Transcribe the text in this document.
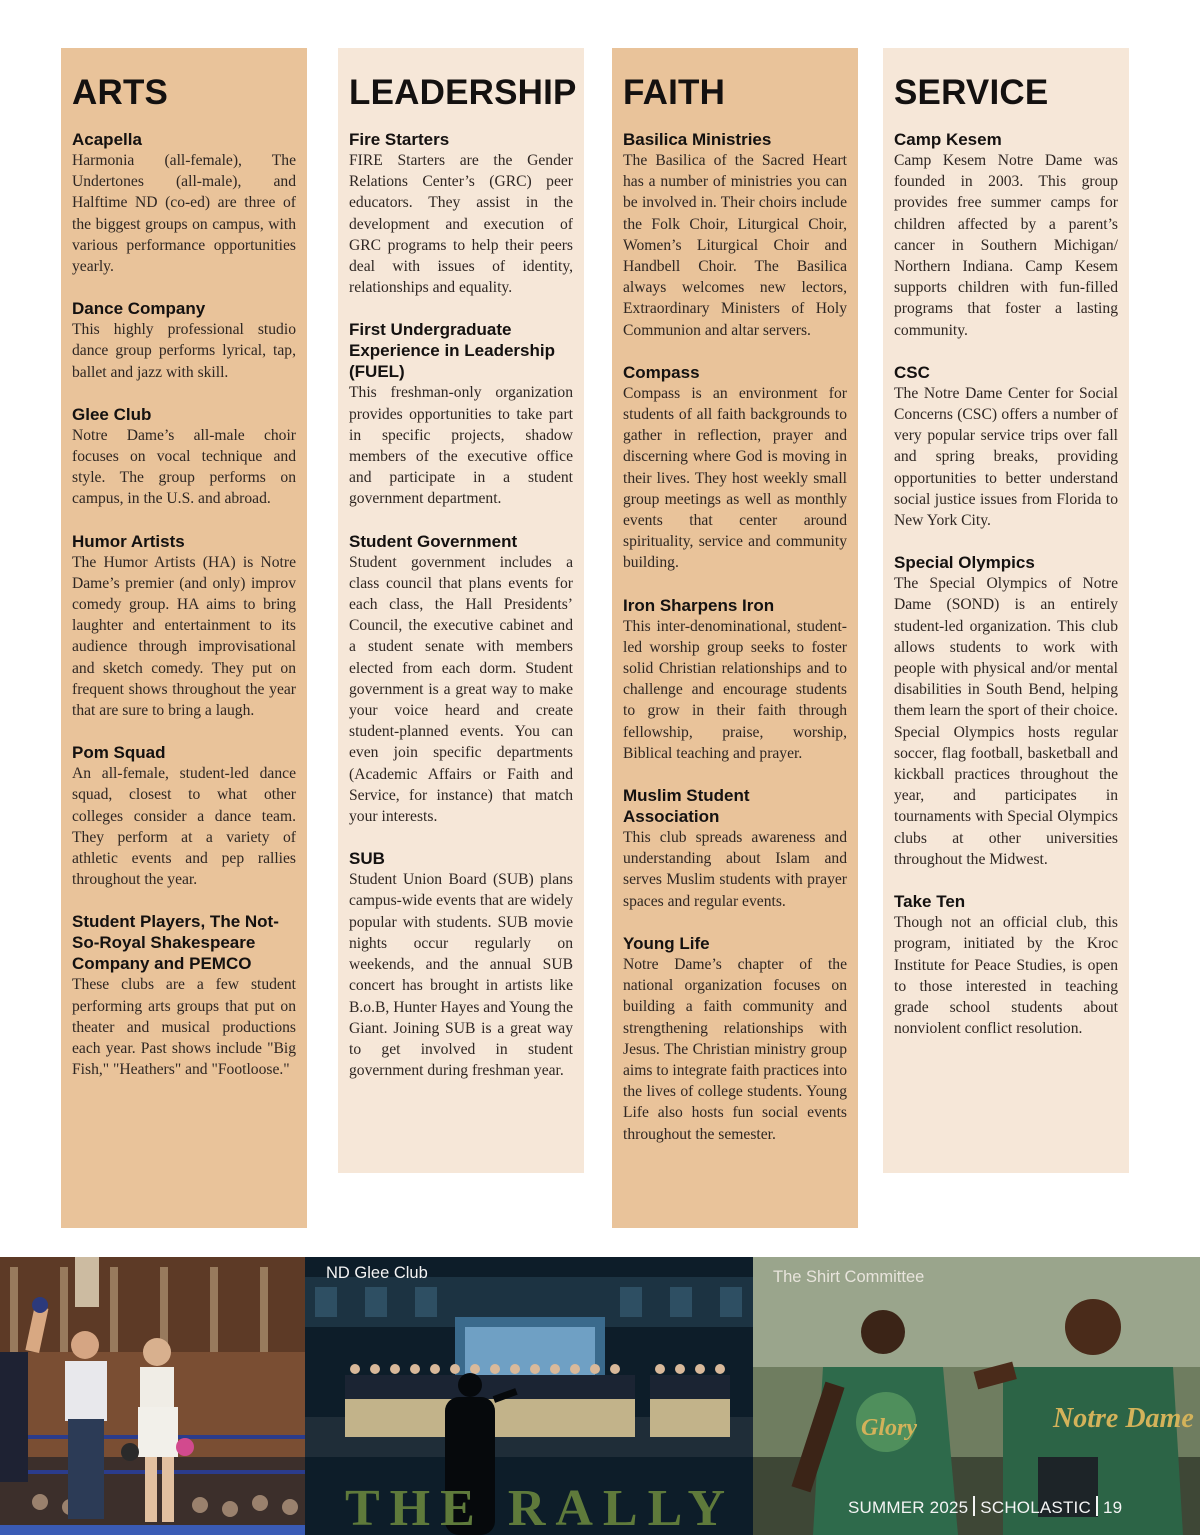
ARTS
Acapella
Harmonia (all-female), The Undertones (all-male), and Halftime ND (co-ed) are three of the biggest groups on campus, with various performance opportunities yearly.
Dance Company
This highly professional studio dance group performs lyrical, tap, ballet and jazz with skill.
Glee Club
Notre Dame’s all-male choir focuses on vocal technique and style. The group performs on campus, in the U.S. and abroad.
Humor Artists
The Humor Artists (HA) is Notre Dame’s premier (and only) improv comedy group. HA aims to bring laughter and entertainment to its audience through improvisational and sketch comedy. They put on frequent shows throughout the year that are sure to bring a laugh.
Pom Squad
An all-female, student-led dance squad, closest to what other colleges consider a dance team. They perform at a variety of athletic events and pep rallies throughout the year.
Student Players, The Not-So-Royal Shakespeare Company and PEMCO
These clubs are a few student performing arts groups that put on theater and musical productions each year. Past shows include "Big Fish," "Heathers" and "Footloose."
LEADERSHIP
Fire Starters
FIRE Starters are the Gender Relations Center’s (GRC) peer educators. They assist in the development and execution of GRC programs to help their peers deal with issues of identity, relationships and equality.
First Undergraduate Experience in Leadership (FUEL)
This freshman-only organization provides opportunities to take part in specific projects, shadow members of the executive office and participate in a student government department.
Student Government
Student government includes a class council that plans events for each class, the Hall Presidents’ Council, the executive cabinet and a student senate with members elected from each dorm. Student government is a great way to make your voice heard and create student-planned events. You can even join specific departments (Academic Affairs or Faith and Service, for instance) that match your interests.
SUB
Student Union Board (SUB) plans campus-wide events that are widely popular with students. SUB movie nights occur regularly on weekends, and the annual SUB concert has brought in artists like B.o.B, Hunter Hayes and Young the Giant. Joining SUB is a great way to get involved in student government during freshman year.
FAITH
Basilica Ministries
The Basilica of the Sacred Heart has a number of ministries you can be involved in. Their choirs include the Folk Choir, Liturgical Choir, Women’s Liturgical Choir and Handbell Choir. The Basilica always welcomes new lectors, Extraordinary Ministers of Holy Communion and altar servers.
Compass
Compass is an environment for students of all faith backgrounds to gather in reflection, prayer and discerning where God is moving in their lives. They host weekly small group meetings as well as monthly events that center around spirituality, service and community building.
Iron Sharpens Iron
This inter-denominational, student-led worship group seeks to foster solid Christian relationships and to challenge and encourage students to grow in their faith through fellowship, praise, worship, Biblical teaching and prayer.
Muslim Student Association
This club spreads awareness and understanding about Islam and serves Muslim students with prayer spaces and regular events.
Young Life
Notre Dame’s chapter of the national organization focuses on building a faith community and strengthening relationships with Jesus. The Christian ministry group aims to integrate faith practices into the lives of college students. Young Life also hosts fun social events throughout the semester.
SERVICE
Camp Kesem
Camp Kesem Notre Dame was founded in 2003. This group provides free summer camps for children affected by a parent’s cancer in Southern Michigan/ Northern Indiana. Camp Kesem supports children with fun-filled programs that foster a lasting community.
CSC
The Notre Dame Center for Social Concerns (CSC) offers a number of very popular service trips over fall and spring breaks, providing opportunities to better understand social justice issues from Florida to New York City.
Special Olympics
The Special Olympics of Notre Dame (SOND) is an entirely student-led organization. This club allows students to work with people with physical and/or mental disabilities in South Bend, helping them learn the sport of their choice. Special Olympics hosts regular soccer, flag football, basketball and kickball practices throughout the year, and participates in tournaments with Special Olympics clubs at other universities throughout the Midwest.
Take Ten
Though not an official club, this program, initiated by the Kroc Institute for Peace Studies, is open to those interested in teaching grade school students about nonviolent conflict resolution.
THE RALLY
ND Glee Club
Glory	Notre Dame
The Shirt Committee
SUMMER 2025 SCHOLASTIC 19
